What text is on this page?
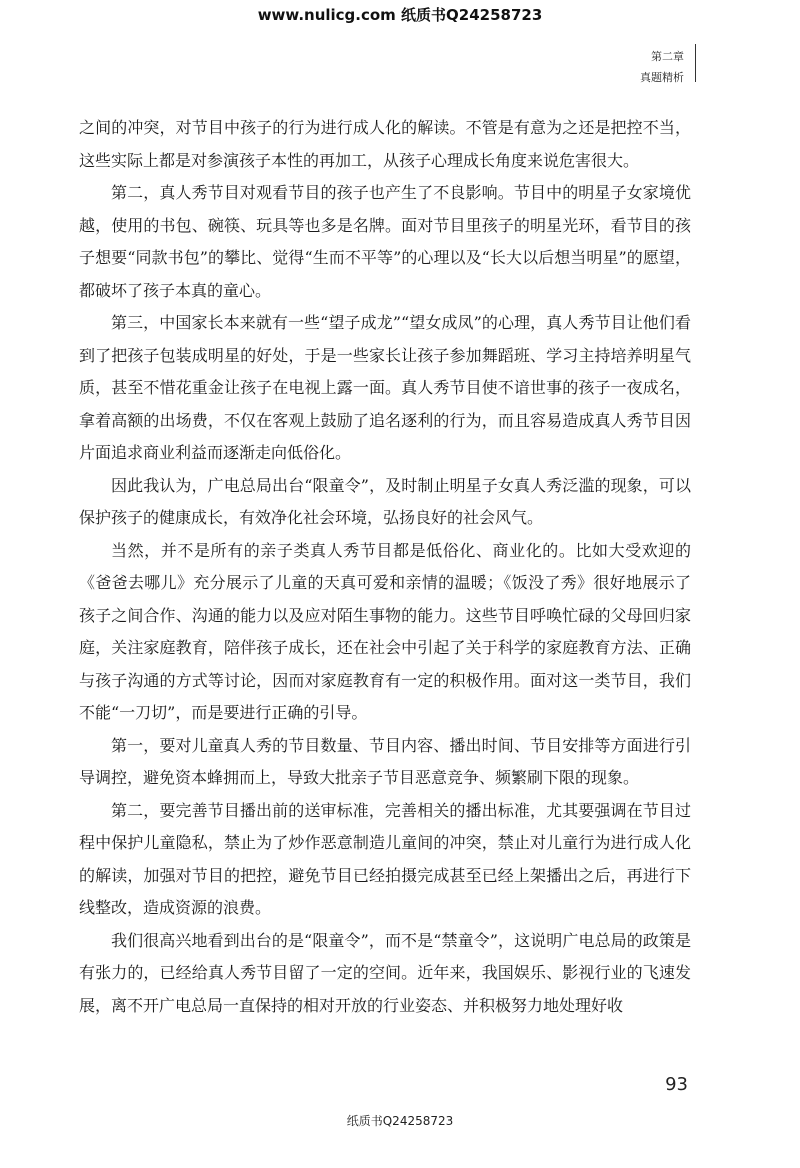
www.nulicg.com 纸质书Q24258723
第二章
真题精析

之间的冲突，对节目中孩子的行为进行成人化的解读。不管是有意为之还是把控不当，这些实际上都是对参演孩子本性的再加工，从孩子心理成长角度来说危害很大。

第二，真人秀节目对观看节目的孩子也产生了不良影响。节目中的明星子女家境优越，使用的书包、碗筷、玩具等也多是名牌。面对节目里孩子的明星光环，看节目的孩子想要“同款书包”的攀比、觉得“生而不平等”的心理以及“长大以后想当明星”的愿望，都破坏了孩子本真的童心。

第三，中国家长本来就有一些“望子成龙”“望女成凤”的心理，真人秀节目让他们看到了把孩子包装成明星的好处，于是一些家长让孩子参加舞蹈班、学习主持培养明星气质，甚至不惜花重金让孩子在电视上露一面。真人秀节目使不谙世事的孩子一夜成名，拿着高额的出场费，不仅在客观上鼓励了追名逐利的行为，而且容易造成真人秀节目因片面追求商业利益而逐渐走向低俗化。

因此我认为，广电总局出台“限童令”，及时制止明星子女真人秀泛滥的现象，可以保护孩子的健康成长，有效净化社会环境，弘扬良好的社会风气。

当然，并不是所有的亲子类真人秀节目都是低俗化、商业化的。比如大受欢迎的《爸爸去哪儿》充分展示了儿童的天真可爱和亲情的温暖；《饭没了秀》很好地展示了孩子之间合作、沟通的能力以及应对陌生事物的能力。这些节目呼唤忙碌的父母回归家庭，关注家庭教育，陪伴孩子成长，还在社会中引起了关于科学的家庭教育方法、正确与孩子沟通的方式等讨论，因而对家庭教育有一定的积极作用。面对这一类节目，我们不能“一刀切”，而是要进行正确的引导。

第一，要对儿童真人秀的节目数量、节目内容、播出时间、节目安排等方面进行引导调控，避免资本蜂拥而上，导致大批亲子节目恶意竞争、频繁刷下限的现象。

第二，要完善节目播出前的送审标准，完善相关的播出标准，尤其要强调在节目过程中保护儿童隐私，禁止为了炒作恶意制造儿童间的冲突，禁止对儿童行为进行成人化的解读，加强对节目的把控，避免节目已经拍摄完成甚至已经上架播出之后，再进行下线整改，造成资源的浪费。

我们很高兴地看到出台的是“限童令”，而不是“禁童令”，这说明广电总局的政策是有张力的，已经给真人秀节目留了一定的空间。近年来，我国娱乐、影视行业的飞速发展，离不开广电总局一直保持的相对开放的行业姿态、并积极努力地处理好收

93
纸质书Q24258723
